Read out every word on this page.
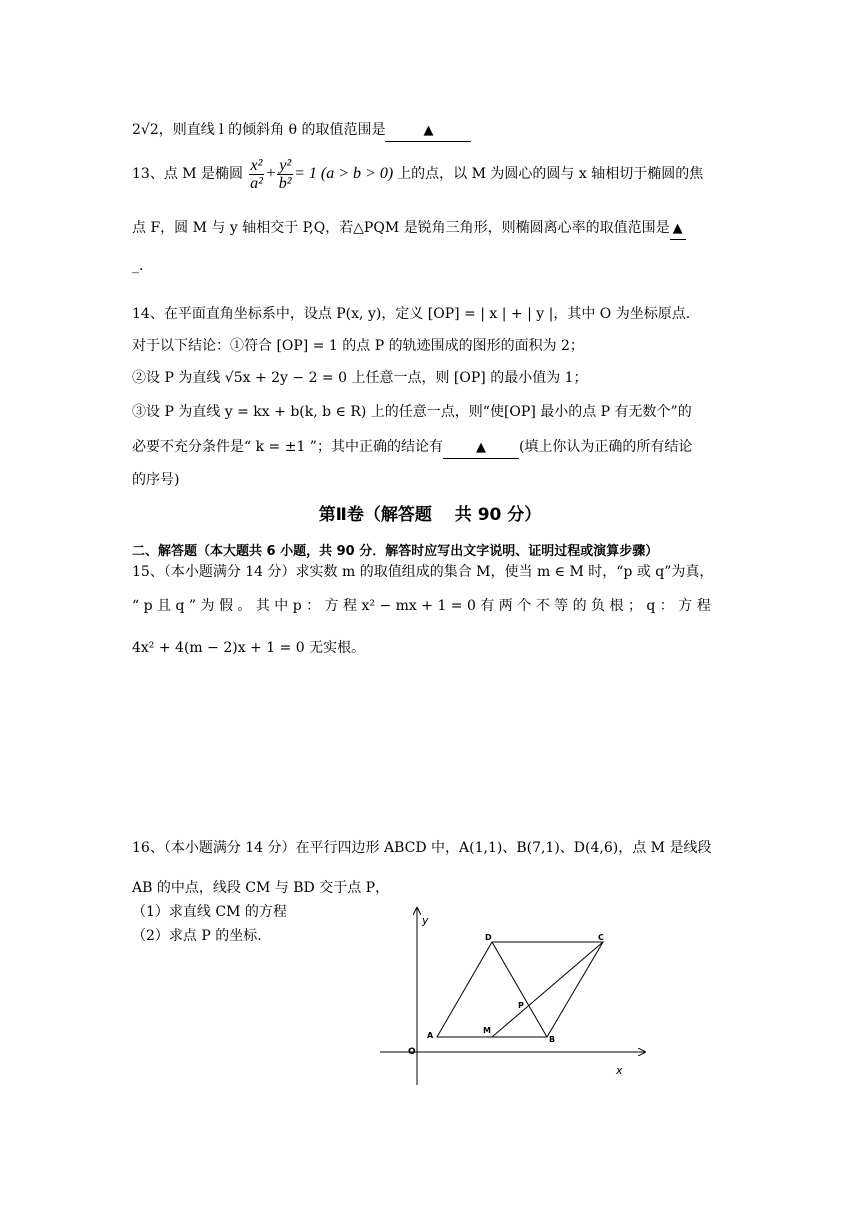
2√2，则直线 l 的倾斜角 θ 的取值范围是	▲
13、点 M 是椭圆 $\frac{\text{x²}}{\text{a²}} + \frac{\text{y²}}{\text{b²}} = 1$ (a > b > 0) 上的点，以 M 为圆心的圆与 x 轴相切于椭圆的焦
点 F，圆 M 与 y 轴相交于 P,Q，若△PQM 是锐角三角形，则椭圆离心率的取值范围是 ▲
_.
14、在平面直角坐标系中，设点 P(x, y)，定义 [OP] = | x | + | y |，其中 O 为坐标原点.
对于以下结论：①符合 [OP] = 1 的点 P 的轨迹围成的图形的面积为 2；
②设 P 为直线 √5x + 2y − 2 = 0 上任意一点，则 [OP] 的最小值为 1；
③设 P 为直线 y = kx + b(k, b ∈ R) 上的任意一点，则“使[OP] 最小的点 P 有无数个”的
必要不充分条件是“ k = ±1 ”；其中正确的结论有	▲ (填上你认为正确的所有结论
的序号)
第Ⅱ卷（解答题　 共 90 分）
二、解答题（本大题共 6 小题，共 90 分．解答时应写出文字说明、证明过程或演算步骤）
15、（本小题满分 14 分）求实数 m 的取值组成的集合 M，使当 m ∈ M 时，“p 或 q”为真，
“ p 且 q ” 为 假 。 其 中 p ： 方 程 x² − mx + 1 = 0 有 两 个 不 等 的 负 根 ； q ： 方 程
4x² + 4(m − 2)x + 1 = 0 无实根。
16、（本小题满分 14 分）在平行四边形 ABCD 中，A(1,1)、B(7,1)、D(4,6)，点 M 是线段
AB 的中点，线段 CM 与 BD 交于点 P，
（1）求直线 CM 的方程
（2）求点 P 的坐标.
y
x
O
A	B
C
D
M
P
